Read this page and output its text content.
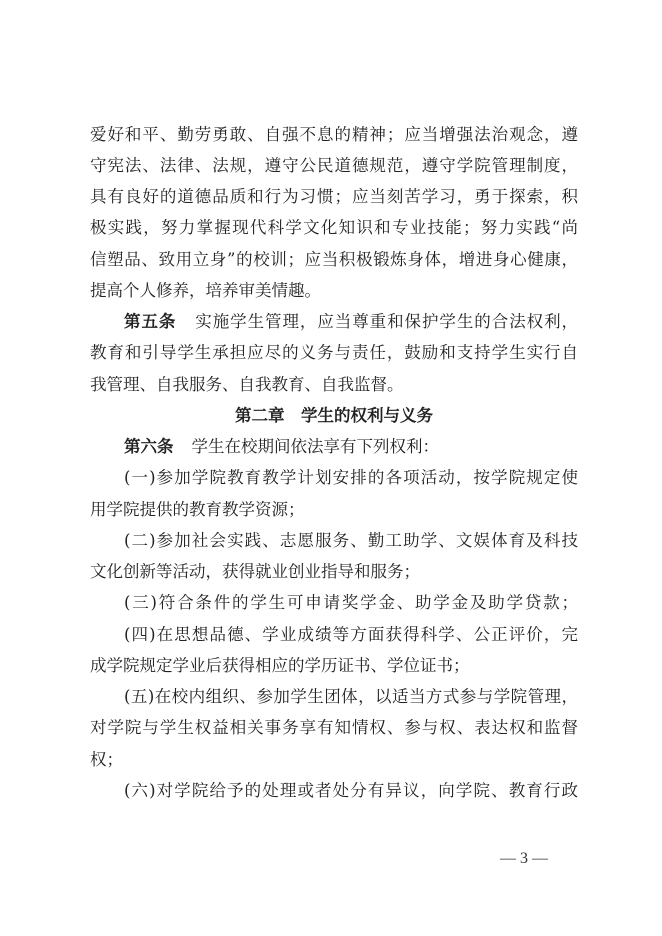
爱好和平、勤劳勇敢、自强不息的精神；应当增强法治观念，遵
守宪法、法律、法规，遵守公民道德规范，遵守学院管理制度，
具有良好的道德品质和行为习惯；应当刻苦学习，勇于探索，积
极实践，努力掌握现代科学文化知识和专业技能；努力实践“尚
信塑品、致用立身”的校训；应当积极锻炼身体，增进身心健康，
提高个人修养，培养审美情趣。
第五条 实施学生管理，应当尊重和保护学生的合法权利，
教育和引导学生承担应尽的义务与责任，鼓励和支持学生实行自
我管理、自我服务、自我教育、自我监督。
第二章　学生的权利与义务
第六条 学生在校期间依法享有下列权利：
(一)参加学院教育教学计划安排的各项活动，按学院规定使
用学院提供的教育教学资源；
(二)参加社会实践、志愿服务、勤工助学、文娱体育及科技
文化创新等活动，获得就业创业指导和服务；
(三)符合条件的学生可申请奖学金、助学金及助学贷款；
(四)在思想品德、学业成绩等方面获得科学、公正评价，完
成学院规定学业后获得相应的学历证书、学位证书；
(五)在校内组织、参加学生团体，以适当方式参与学院管理，
对学院与学生权益相关事务享有知情权、参与权、表达权和监督
权；
(六)对学院给予的处理或者处分有异议，向学院、教育行政
— 3 —
